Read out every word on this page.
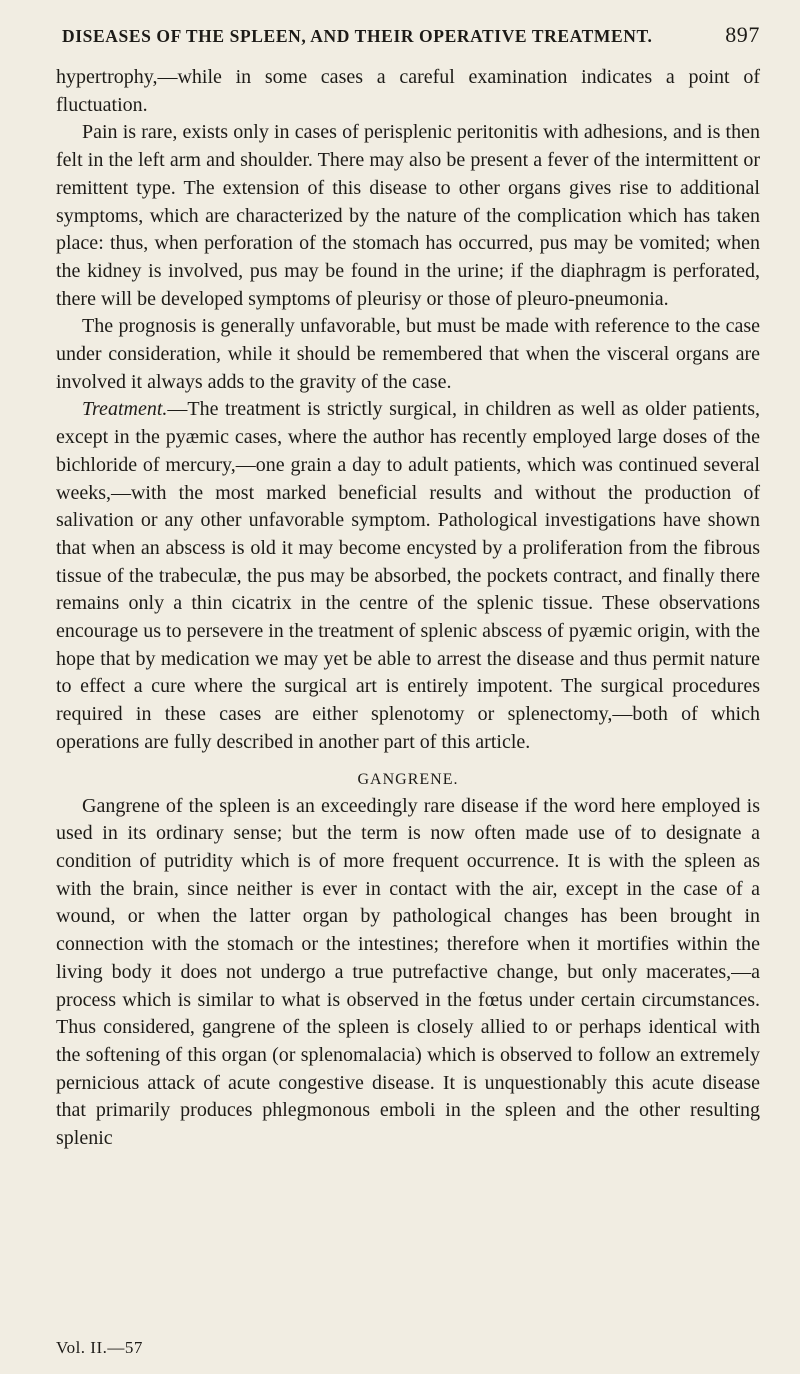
DISEASES OF THE SPLEEN, AND THEIR OPERATIVE TREATMENT.	897

hypertrophy,—while in some cases a careful examination indicates a point of fluctuation.

Pain is rare, exists only in cases of perisplenic peritonitis with adhesions, and is then felt in the left arm and shoulder. There may also be present a fever of the intermittent or remittent type. The extension of this disease to other organs gives rise to additional symptoms, which are characterized by the nature of the complication which has taken place: thus, when perforation of the stomach has occurred, pus may be vomited; when the kidney is involved, pus may be found in the urine; if the diaphragm is perforated, there will be developed symptoms of pleurisy or those of pleuro-pneumonia.

The prognosis is generally unfavorable, but must be made with reference to the case under consideration, while it should be remembered that when the visceral organs are involved it always adds to the gravity of the case.

Treatment.—The treatment is strictly surgical, in children as well as older patients, except in the pyæmic cases, where the author has recently employed large doses of the bichloride of mercury,—one grain a day to adult patients, which was continued several weeks,—with the most marked beneficial results and without the production of salivation or any other unfavorable symptom. Pathological investigations have shown that when an abscess is old it may become encysted by a proliferation from the fibrous tissue of the trabeculæ, the pus may be absorbed, the pockets contract, and finally there remains only a thin cicatrix in the centre of the splenic tissue. These observations encourage us to persevere in the treatment of splenic abscess of pyæmic origin, with the hope that by medication we may yet be able to arrest the disease and thus permit nature to effect a cure where the surgical art is entirely impotent. The surgical procedures required in these cases are either splenotomy or splenectomy,—both of which operations are fully described in another part of this article.

GANGRENE.

Gangrene of the spleen is an exceedingly rare disease if the word here employed is used in its ordinary sense; but the term is now often made use of to designate a condition of putridity which is of more frequent occurrence. It is with the spleen as with the brain, since neither is ever in contact with the air, except in the case of a wound, or when the latter organ by pathological changes has been brought in connection with the stomach or the intestines; therefore when it mortifies within the living body it does not undergo a true putrefactive change, but only macerates,—a process which is similar to what is observed in the fœtus under certain circumstances. Thus considered, gangrene of the spleen is closely allied to or perhaps identical with the softening of this organ (or splenomalacia) which is observed to follow an extremely pernicious attack of acute congestive disease. It is unquestionably this acute disease that primarily produces phlegmonous emboli in the spleen and the other resulting splenic

Vol. II.—57
